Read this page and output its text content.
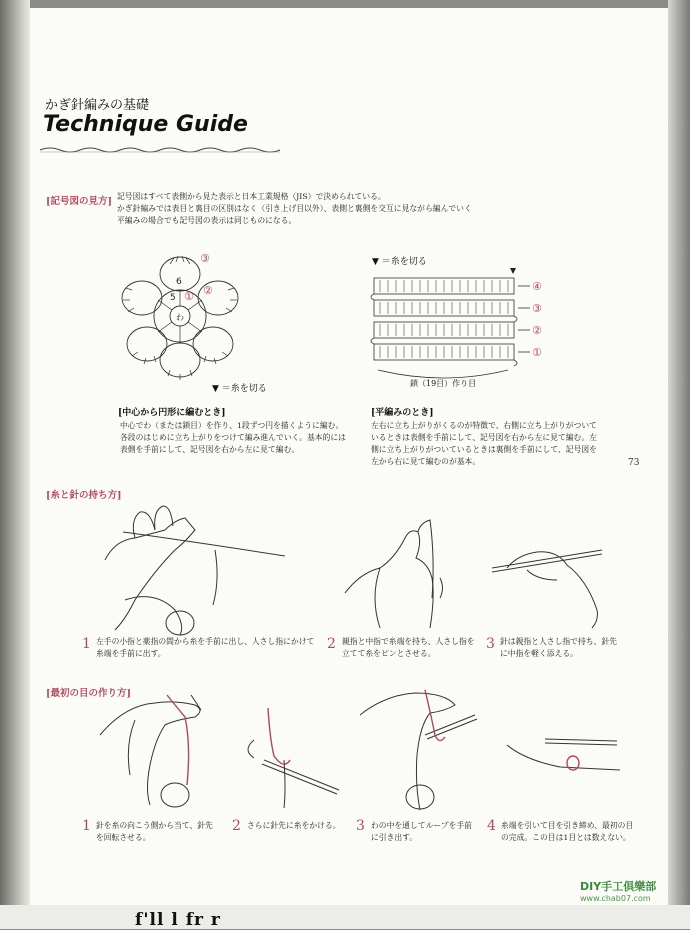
かぎ針編みの基礎
Technique Guide
[記号図の見方] 記号図はすべて表側から見た表示と日本工業規格（JIS）で決められている。
かぎ針編みでは表目と裏目の区別はなく（引き上げ目以外）、表側と裏側を交互に見ながら編んでいく
平編みの場合でも記号図の表示は同じものになる。
5
6
わ
③
②
①
▼ ＝糸を切る
▼ ＝糸を切る
④
③
②
①
鎖（19目）作り目
[中心から円形に編むとき]
中心でわ（または鎖目）を作り、1段ずつ円を描くように編む。各段のはじめに立ち上がりをつけて編み進んでいく。基本的には表側を手前にして、記号図を右から左に見て編む。
[平編みのとき]
左右に立ち上がりがくるのが特徴で、右側に立ち上がりがついているときは表側を手前にして、記号図を右から左に見て編む。左側に立ち上がりがついているときは裏側を手前にして、記号図を左から右に見て編むのが基本。	73
[糸と針の持ち方]
1 左手の小指と薬指の間から糸を手前に出し、人さし指にかけて
糸端を手前に出す。
2 親指と中指で糸端を持ち、人さし指を
立てて糸をピンとさせる。
3 針は親指と人さし指で持ち、針先
に中指を軽く添える。
[最初の目の作り方]
1 針を糸の向こう側から当て、針先
を回転させる。
2 さらに針先に糸をかける。	3 わの中を通してループを手前
に引き出す。
4 糸端を引いて目を引き締め、最初の目
の完成。この目は1目とは数えない。
DIY手工俱樂部
www.chab07.com
f'll l fr r
